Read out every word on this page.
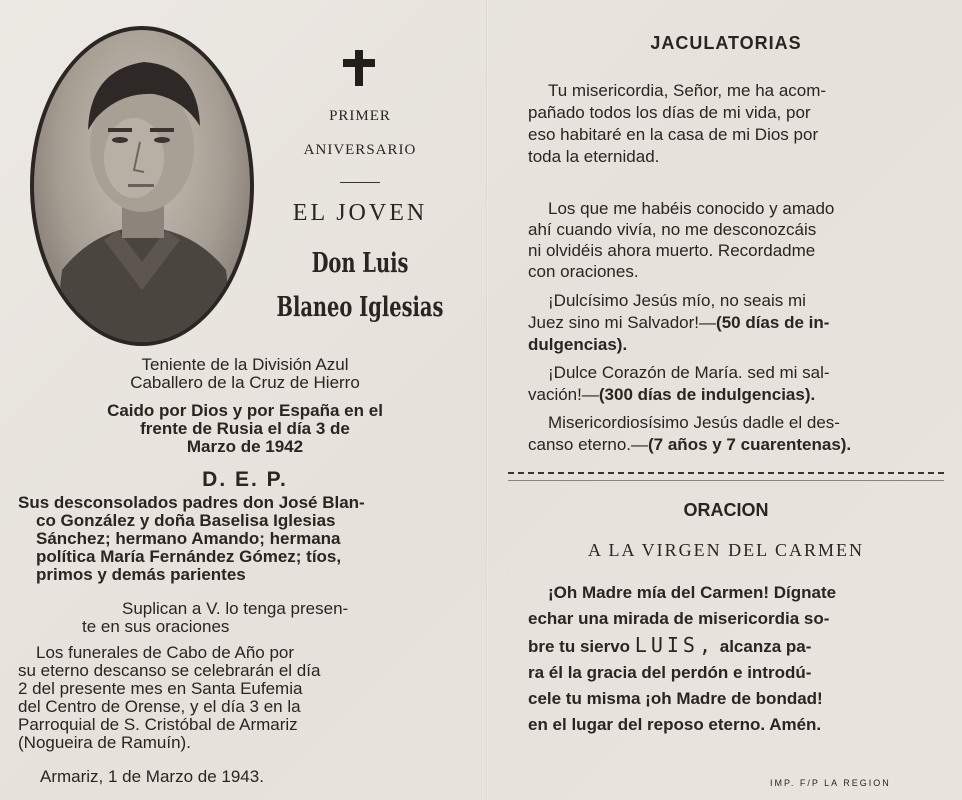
PRIMER
ANIVERSARIO
EL JOVEN
Don Luis
Blaneo Iglesias
Teniente de la División Azul
Caballero de la Cruz de Hierro
Caido por Dios y por España en el
frente de Rusia el día 3 de
Marzo de 1942
D. E. P.
Sus desconsolados padres don José Blan-
co González y doña Baselisa Iglesias
Sánchez; hermano Amando; hermana
política María Fernández Gómez; tíos,
primos y demás parientes
Suplican a V. lo tenga presen-
te en sus oraciones
Los funerales de Cabo de Año por
su eterno descanso se celebrarán el día
2 del presente mes en Santa Eufemia
del Centro de Orense, y el día 3 en la
Parroquial de S. Cristóbal de Armariz
(Nogueira de Ramuín).
Armariz, 1 de Marzo de 1943.
JACULATORIAS
Tu misericordia, Señor, me ha acom-
pañado todos los días de mi vida, por
eso habitaré en la casa de mi Dios por
toda la eternidad.
Los que me habéis conocido y amado
ahí cuando vivía, no me desconozcáis
ni olvidéis ahora muerto. Recordadme
con oraciones.
¡Dulcísimo Jesús mío, no seais mi
Juez sino mi Salvador!—(50 días de in-
dulgencias).
¡Dulce Corazón de María. sed mi sal-
vación!—(300 días de indulgencias).
Misericordiosísimo Jesús dadle el des-
canso eterno.—(7 años y 7 cuarentenas).
ORACION
A LA VIRGEN DEL CARMEN
¡Oh Madre mía del Carmen! Dígnate
echar una mirada de misericordia so-
bre tu siervo LUIS, alcanza pa-
ra él la gracia del perdón e introdú-
cele tu misma ¡oh Madre de bondad!
en el lugar del reposo eterno. Amén.
IMP. F/P LA REGION
